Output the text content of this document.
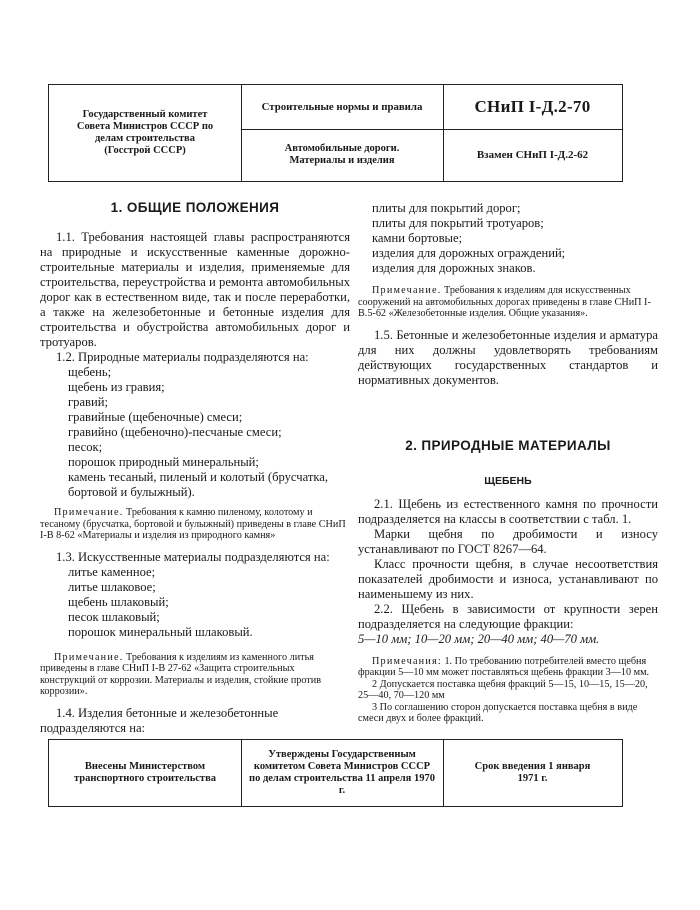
Государственный комитет Совета Министров СССР по делам строительства (Госстрой СССР)
Строительные нормы и правила
Автомобильные дороги. Материалы и изделия
СНиП I-Д.2-70
Взамен СНиП I-Д.2-62
1. ОБЩИЕ ПОЛОЖЕНИЯ

1.1. Требования настоящей главы распространяются на природные и искусственные каменные дорожно-строительные материалы и изделия, применяемые для строительства, переустройства и ремонта автомобильных дорог как в естественном виде, так и после переработки, а также на железобетонные и бетонные изделия для строительства и обустройства автомобильных дорог и тротуаров.

1.2. Природные материалы подразделяются на:

щебень;

щебень из гравия;

гравий;

гравийные (щебеночные) смеси;

гравийно (щебеночно)-песчаные смеси;

песок;

порошок природный минеральный;

камень тесаный, пиленый и колотый (брусчатка, бортовой и булыжный).

Примечание. Требования к камню пиленому, колотому и тесаному (брусчатка, бортовой и булыжный) приведены в главе СНиП I-В 8-62 «Материалы и изделия из природного камня»

1.3. Искусственные материалы подразделяются на:

литье каменное;

литье шлаковое;

щебень шлаковый;

песок шлаковый;

порошок минеральный шлаковый.

Примечание. Требования к изделиям из каменного литья приведены в главе СНиП I-В 27-62 «Защита строительных конструкций от коррозии. Материалы и изделия, стойкие против коррозии».

1.4. Изделия бетонные и железобетонные подразделяются на:

плиты для покрытий дорог;

плиты для покрытий тротуаров;

камни бортовые;

изделия для дорожных ограждений;

изделия для дорожных знаков.

Примечание. Требования к изделиям для искусственных сооружений на автомобильных дорогах приведены в главе СНиП I-В.5-62 «Железобетонные изделия. Общие указания».

1.5. Бетонные и железобетонные изделия и арматура для них должны удовлетворять требованиям действующих государственных стандартов и нормативных документов.

2. ПРИРОДНЫЕ МАТЕРИАЛЫ
ЩЕБЕНЬ

2.1. Щебень из естественного камня по прочности подразделяется на классы в соответствии с табл. 1.

Марки щебня по дробимости и износу устанавливают по ГОСТ 8267—64.

Класс прочности щебня, в случае несоответствия показателей дробимости и износа, устанавливают по наименьшему из них.

2.2. Щебень в зависимости от крупности зерен подразделяется на следующие фракции:

5—10 мм; 10—20 мм; 20—40 мм; 40—70 мм.

Примечания: 1. По требованию потребителей вместо щебня фракции 5—10 мм может поставляться щебень фракции 3—10 мм.

2 Допускается поставка щебня фракций 5—15, 10—15, 15—20, 25—40, 70—120 мм

3 По соглашению сторон допускается поставка щебня в виде смеси двух и более фракций.

Внесены Министерством транспортного строительства
Утверждены Государственным комитетом Совета Министров СССР по делам строительства 11 апреля 1970 г.
Срок введения 1 января 1971 г.
